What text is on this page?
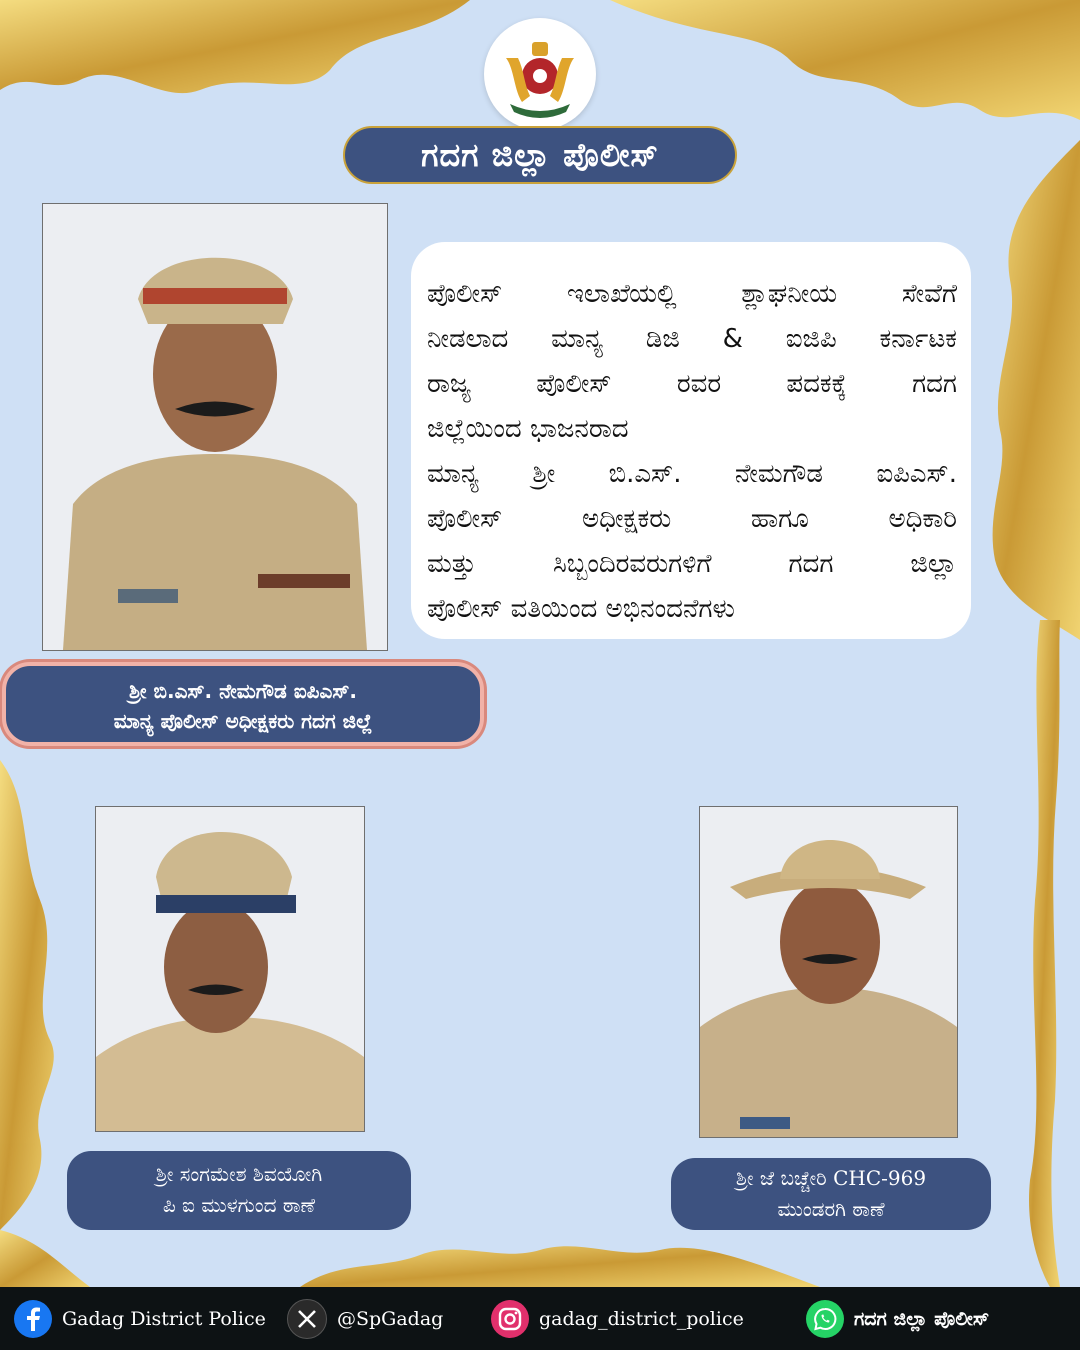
ಗದಗ ಜಿಲ್ಲಾ ಪೊಲೀಸ್

ಪೊಲೀಸ್ ಇಲಾಖೆಯಲ್ಲಿ ಶ್ಲಾಘನೀಯ ಸೇವೆಗೆ

ನೀಡಲಾದ ಮಾನ್ಯ ಡಿಜಿ & ಐಜಿಪಿ ಕರ್ನಾಟಕ

ರಾಜ್ಯ ಪೊಲೀಸ್ ರವರ ಪದಕಕ್ಕೆ ಗದಗ

ಜಿಲ್ಲೆಯಿಂದ ಭಾಜನರಾದ

ಮಾನ್ಯ ಶ್ರೀ ಬಿ.ಎಸ್. ನೇಮಗೌಡ ಐಪಿಎಸ್.

ಪೊಲೀಸ್ ಅಧೀಕ್ಷಕರು ಹಾಗೂ ಅಧಿಕಾರಿ

ಮತ್ತು ಸಿಬ್ಬಂದಿರವರುಗಳಿಗೆ ಗದಗ ಜಿಲ್ಲಾ

ಪೊಲೀಸ್ ವತಿಯಿಂದ ಅಭಿನಂದನೆಗಳು

ಶ್ರೀ ಬಿ.ಎಸ್. ನೇಮಗೌಡ ಐಪಿಎಸ್.
ಮಾನ್ಯ ಪೊಲೀಸ್ ಅಧೀಕ್ಷಕರು ಗದಗ ಜಿಲ್ಲೆ
ಶ್ರೀ ಸಂಗಮೇಶ ಶಿವಯೋಗಿ
ಪಿ ಐ ಮುಳಗುಂದ ಠಾಣೆ
ಶ್ರೀ ಜೆ ಬಚ್ಚೇರಿ CHC-969
ಮುಂಡರಗಿ ಠಾಣೆ
Gadag District Police	@SpGadag	gadag_district_police	ಗದಗ ಜಿಲ್ಲಾ ಪೊಲೀಸ್
